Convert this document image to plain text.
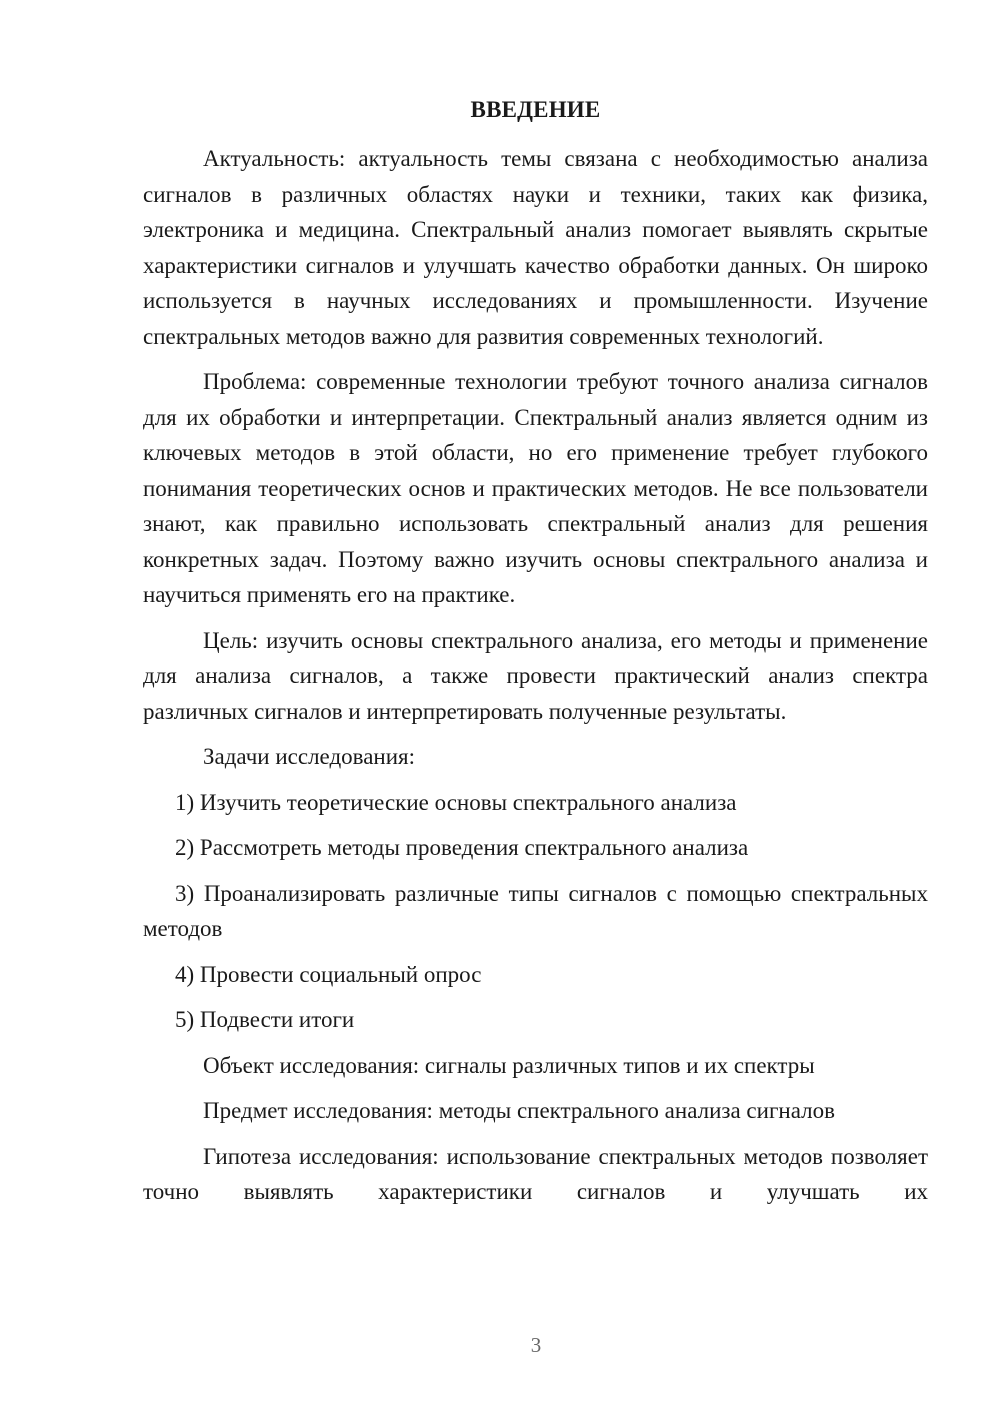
ВВЕДЕНИЕ

Актуальность: актуальность темы связана с необходимостью анализа сигналов в различных областях науки и техники, таких как физика, электроника и медицина. Спектральный анализ помогает выявлять скрытые характеристики сигналов и улучшать качество обработки данных. Он широко используется в научных исследованиях и промышленности. Изучение спектральных методов важно для развития современных технологий.

Проблема: современные технологии требуют точного анализа сигналов для их обработки и интерпретации. Спектральный анализ является одним из ключевых методов в этой области, но его применение требует глубокого понимания теоретических основ и практических методов. Не все пользователи знают, как правильно использовать спектральный анализ для решения конкретных задач. Поэтому важно изучить основы спектрального анализа и научиться применять его на практике.

Цель: изучить основы спектрального анализа, его методы и применение для анализа сигналов, а также провести практический анализ спектра различных сигналов и интерпретировать полученные результаты.

Задачи исследования:

1) Изучить теоретические основы спектрального анализа

2) Рассмотреть методы проведения спектрального анализа

3) Проанализировать различные типы сигналов с помощью спектральных методов

4) Провести социальный опрос

5) Подвести итоги

Объект исследования: сигналы различных типов и их спектры

Предмет исследования: методы спектрального анализа сигналов

Гипотеза исследования: использование спектральных методов позволяет точно выявлять характеристики сигналов и улучшать их

3
